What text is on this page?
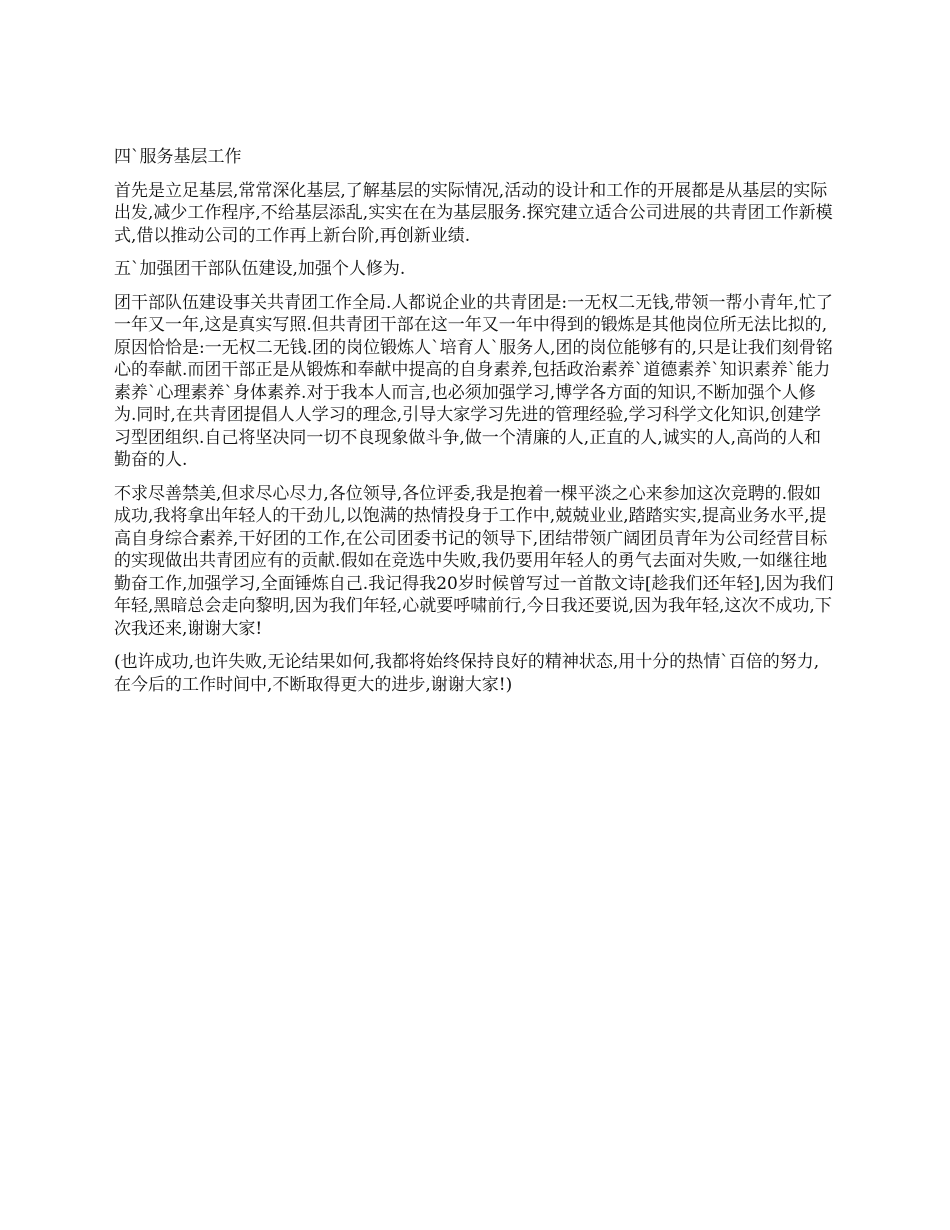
四`服务基层工作

首先是立足基层,常常深化基层,了解基层的实际情况,活动的设计和工作的开展都是从基层的实际出发,减少工作程序,不给基层添乱,实实在在为基层服务.探究建立适合公司进展的共青团工作新模式,借以推动公司的工作再上新台阶,再创新业绩.

五`加强团干部队伍建设,加强个人修为.

团干部队伍建设事关共青团工作全局.人都说企业的共青团是:一无权二无钱,带领一帮小青年,忙了一年又一年,这是真实写照.但共青团干部在这一年又一年中得到的锻炼是其他岗位所无法比拟的,原因恰恰是:一无权二无钱.团的岗位锻炼人`培育人`服务人,团的岗位能够有的,只是让我们刻骨铭心的奉献.而团干部正是从锻炼和奉献中提高的自身素养,包括政治素养`道德素养`知识素养`能力素养`心理素养`身体素养.对于我本人而言,也必须加强学习,博学各方面的知识,不断加强个人修为.同时,在共青团提倡人人学习的理念,引导大家学习先进的管理经验,学习科学文化知识,创建学习型团组织.自己将坚决同一切不良现象做斗争,做一个清廉的人,正直的人,诚实的人,高尚的人和勤奋的人.

不求尽善禁美,但求尽心尽力,各位领导,各位评委,我是抱着一棵平淡之心来参加这次竞聘的.假如成功,我将拿出年轻人的干劲儿,以饱满的热情投身于工作中,兢兢业业,踏踏实实,提高业务水平,提高自身综合素养,干好团的工作,在公司团委书记的领导下,团结带领广阔团员青年为公司经营目标的实现做出共青团应有的贡献.假如在竞选中失败,我仍要用年轻人的勇气去面对失败,一如继往地勤奋工作,加强学习,全面锤炼自己.我记得我20岁时候曾写过一首散文诗[趁我们还年轻],因为我们年轻,黑暗总会走向黎明,因为我们年轻,心就要呼啸前行,今日我还要说,因为我年轻,这次不成功,下次我还来,谢谢大家!

(也许成功,也许失败,无论结果如何,我都将始终保持良好的精神状态,用十分的热情`百倍的努力,在今后的工作时间中,不断取得更大的进步,谢谢大家!)
